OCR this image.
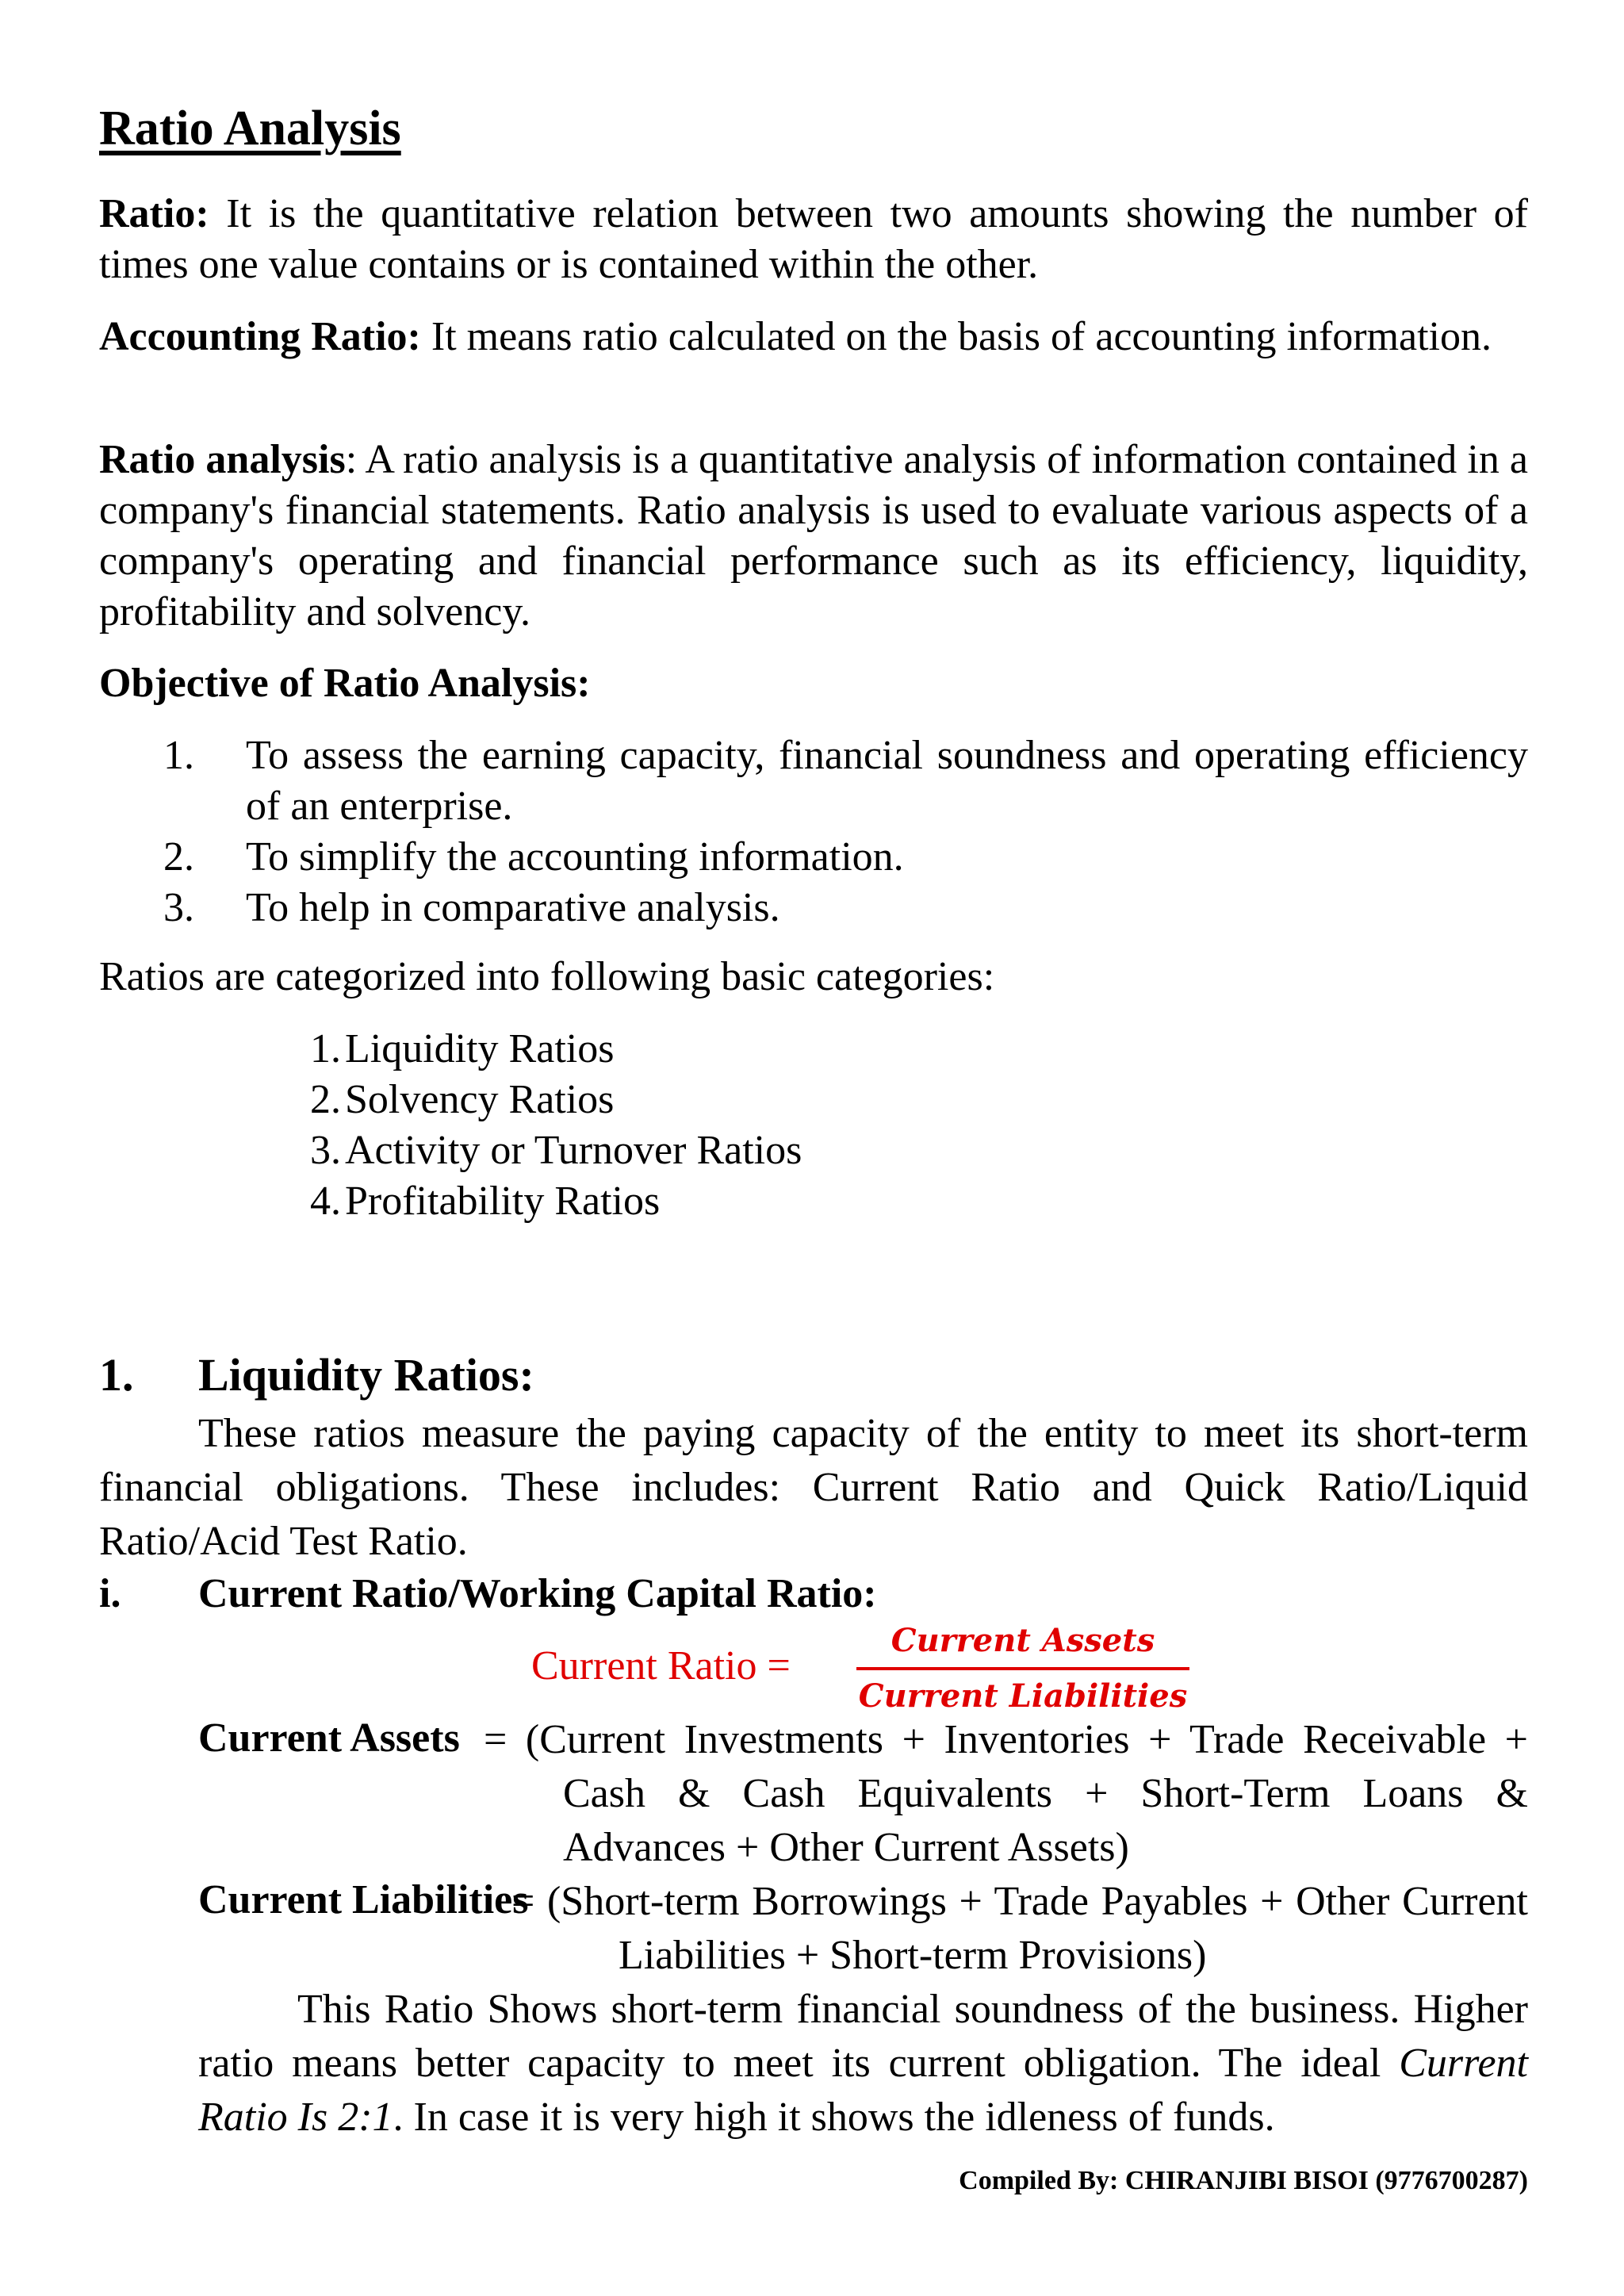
Ratio Analysis
Ratio: It is the quantitative relation between two amounts showing the number of times one value contains or is contained within the other.
Accounting Ratio: It means ratio calculated on the basis of accounting information.
Ratio analysis: A ratio analysis is a quantitative analysis of information contained in a company's financial statements. Ratio analysis is used to evaluate various aspects of a company's operating and financial performance such as its efficiency, liquidity, profitability and solvency.
Objective of Ratio Analysis:
1. To assess the earning capacity, financial soundness and operating efficiency of an enterprise.
2. To simplify the accounting information.
3. To help in comparative analysis.
Ratios are categorized into following basic categories:
1. Liquidity Ratios
2. Solvency Ratios
3. Activity or Turnover Ratios
4. Profitability Ratios
1. Liquidity Ratios:
These ratios measure the paying capacity of the entity to meet its short-term financial obligations. These includes: Current Ratio and Quick Ratio/Liquid Ratio/Acid Test Ratio.
i. Current Ratio/Working Capital Ratio:
Current Ratio =
Current Assets
Current Liabilities
Current Assets = (Current Investments + Inventories + Trade Receivable + Cash & Cash Equivalents + Short-Term Loans & Advances + Other Current Assets)
Current Liabilities
= (Short-term Borrowings + Trade Payables + Other Current Liabilities + Short-term Provisions)
This Ratio Shows short-term financial soundness of the business. Higher ratio means better capacity to meet its current obligation. The ideal Current Ratio Is 2:1. In case it is very high it shows the idleness of funds.
Compiled By: CHIRANJIBI BISOI (9776700287)
